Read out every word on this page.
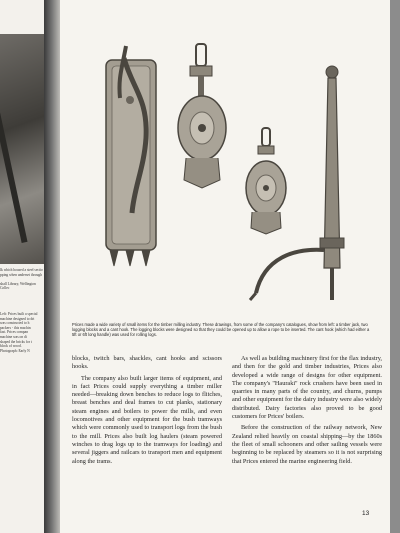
lk which housed a steel sectio
pping when underset through

shall Library, Wellington Collec
Left: Prices built a special
machine designed to dri
was constructed to h
packers - this machin
fast. Prices compan
machine was on di
shaped the bricks for t
block of wood.
Photograph: Early N
Prices made a wide variety of small items for the timber milling industry. These drawings, from some of the company's catalogues, show from left: a timber jack, two logging blocks and a cant hook. The logging blocks were designed so that they could be opened up to allow a rope to be inserted. The cant hook (which had either a 5ft or 6ft long handle) was used for rolling logs.

blocks, twitch bars, shackles, cant hooks and scissors hooks.

The company also built larger items of equipment, and in fact Prices could supply everything a timber miller needed—breaking down benches to reduce logs to flitches, breast benches and deal frames to cut planks, stationary steam engines and boilers to power the mills, and even locomotives and other equipment for the bush tramways which were commonly used to transport logs from the bush to the mill. Prices also built log haulers (steam powered winches to drag logs up to the tramways for loading) and several jiggers and railcars to transport men and equipment along the trams.

As well as building machinery first for the flax industry, and then for the gold and timber industries, Prices also developed a wide range of designs for other equipment. The company's "Hauraki" rock crushers have been used in quarries in many parts of the country, and churns, pumps and other equipment for the dairy industry were also widely distributed. Dairy factories also proved to be good customers for Prices' boilers.

Before the construction of the railway network, New Zealand relied heavily on coastal shipping—by the 1860s the fleet of small schooners and other sailing vessels were beginning to be replaced by steamers so it is not surprising that Prices entered the marine engineering field.

13
